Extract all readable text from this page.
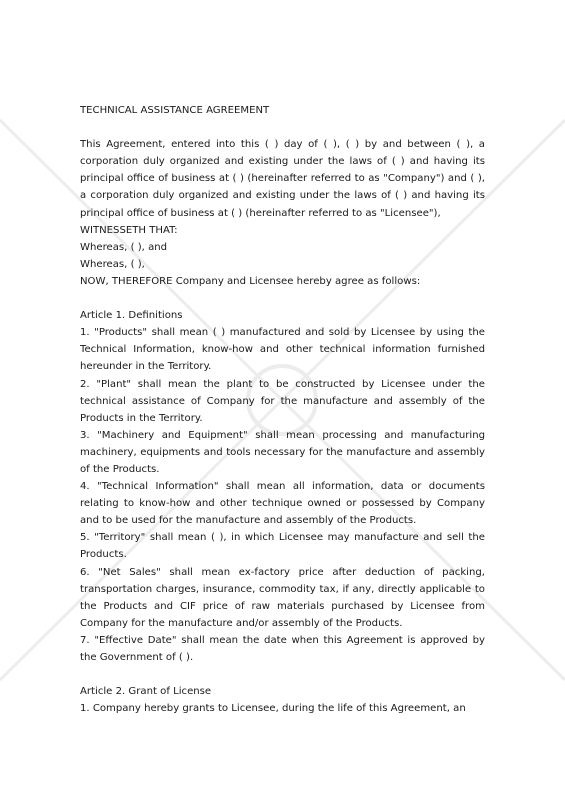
TECHNICAL ASSISTANCE AGREEMENT

This Agreement, entered into this ( ) day of ( ), ( ) by and between ( ), a corporation duly organized and existing under the laws of ( ) and having its principal office of business at ( ) (hereinafter referred to as "Company") and ( ), a corporation duly organized and existing under the laws of ( ) and having its principal office of business at ( ) (hereinafter referred to as "Licensee"),

WITNESSETH THAT:

Whereas, ( ), and

Whereas, ( ),

NOW, THEREFORE Company and Licensee hereby agree as follows:

Article 1. Definitions

1. "Products" shall mean ( ) manufactured and sold by Licensee by using the Technical Information, know-how and other technical information furnished hereunder in the Territory.

2. "Plant" shall mean the plant to be constructed by Licensee under the technical assistance of Company for the manufacture and assembly of the Products in the Territory.

3. "Machinery and Equipment" shall mean processing and manufacturing machinery, equipments and tools necessary for the manufacture and assembly of the Products.

4. "Technical Information" shall mean all information, data or documents relating to know-how and other technique owned or possessed by Company and to be used for the manufacture and assembly of the Products.

5. "Territory" shall mean ( ), in which Licensee may manufacture and sell the Products.

6. "Net Sales" shall mean ex-factory price after deduction of packing, transportation charges, insurance, commodity tax, if any, directly applicable to the Products and CIF price of raw materials purchased by Licensee from Company for the manufacture and/or assembly of the Products.

7. "Effective Date" shall mean the date when this Agreement is approved by the Government of ( ).

Article 2. Grant of License

1. Company hereby grants to Licensee, during the life of this Agreement, an
